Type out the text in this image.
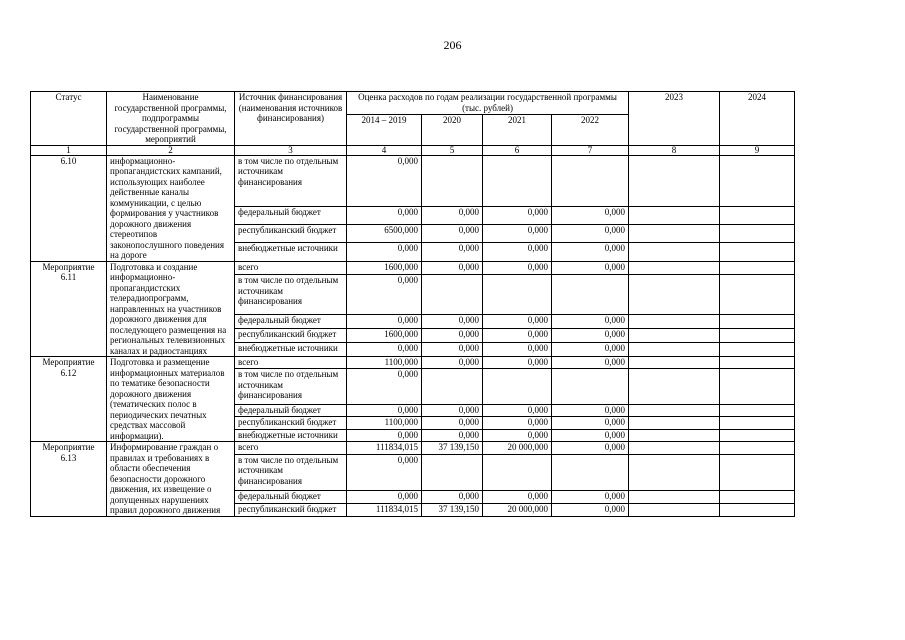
206
Статус	Наименование государственной программы, подпрограммы государственной программы, мероприятий	Источник финансирования (наименования источников финансирования)	Оценка расходов по годам реализации государственной программы (тыс. рублей)				2023	2024
			2014 – 2019	2020	2021	2022		
1	2	3	4	5	6	7	8	9
6.10	информационно-пропагандистских кампаний, использующих наиболее действенные каналы коммуникации, с целью формирования у участников дорожного движения стереотипов законопослушного поведения на дороге	в том числе по отдельным источникам финансирования	0,000					
		федеральный бюджет	0,000	0,000	0,000	0,000		
		республиканский бюджет	6500,000	0,000	0,000	0,000		
		внебюджетные источники	0,000	0,000	0,000	0,000		
Мероприятие 6.11	Подготовка и создание информационно-пропагандистских телерадиопрограмм, направленных на участников дорожного движения для последующего размещения на региональных телевизионных каналах и радиостанциях	всего	1600,000	0,000	0,000	0,000		
		в том числе по отдельным источникам финансирования	0,000					
		федеральный бюджет	0,000	0,000	0,000	0,000		
		республиканский бюджет	1600,000	0,000	0,000	0,000		
		внебюджетные источники	0,000	0,000	0,000	0,000		
Мероприятие 6.12	Подготовка и размещение информационных материалов по тематике безопасности дорожного движения (тематических полос в периодических печатных средствах массовой информации).	всего	1100,000	0,000	0,000	0,000		
		в том числе по отдельным источникам финансирования	0,000					
		федеральный бюджет	0,000	0,000	0,000	0,000		
		республиканский бюджет	1100,000	0,000	0,000	0,000		
		внебюджетные источники	0,000	0,000	0,000	0,000		
Мероприятие 6.13	Информирование граждан о правилах и требованиях в области обеспечения безопасности дорожного движения, их извещение о допущенных нарушениях правил дорожного движения	всего	111834,015	37 139,150	20 000,000	0,000		
		в том числе по отдельным источникам финансирования	0,000					
		федеральный бюджет	0,000	0,000	0,000	0,000		
		республиканский бюджет	111834,015	37 139,150	20 000,000	0,000		
